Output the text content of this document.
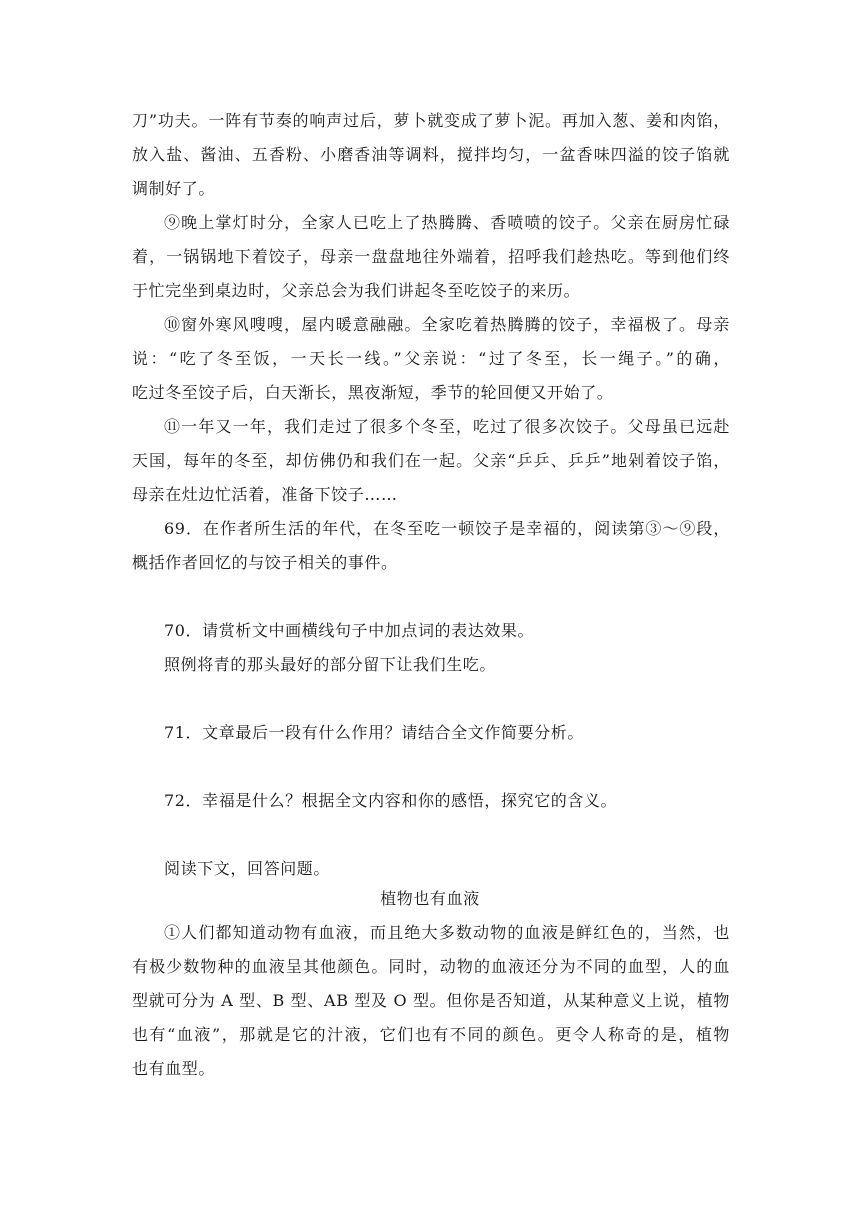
刀”功夫。一阵有节奏的响声过后，萝卜就变成了萝卜泥。再加入葱、姜和肉馅，
放入盐、酱油、五香粉、小磨香油等调料，搅拌均匀，一盆香味四溢的饺子馅就
调制好了。
⑨晚上掌灯时分，全家人已吃上了热腾腾、香喷喷的饺子。父亲在厨房忙碌
着，一锅锅地下着饺子，母亲一盘盘地往外端着，招呼我们趁热吃。等到他们终
于忙完坐到桌边时，父亲总会为我们讲起冬至吃饺子的来历。
⑩窗外寒风嗖嗖，屋内暖意融融。全家吃着热腾腾的饺子，幸福极了。母亲
说：“吃了冬至饭，一天长一线。”父亲说：“过了冬至，长一绳子。”的确，
吃过冬至饺子后，白天渐长，黑夜渐短，季节的轮回便又开始了。
⑪一年又一年，我们走过了很多个冬至，吃过了很多次饺子。父母虽已远赴
天国，每年的冬至，却仿佛仍和我们在一起。父亲“乒乒、乒乒”地剁着饺子馅，
母亲在灶边忙活着，准备下饺子……
69．在作者所生活的年代，在冬至吃一顿饺子是幸福的，阅读第③～⑨段，
概括作者回忆的与饺子相关的事件。
70．请赏析文中画横线句子中加点词的表达效果。
照例将青的那头最好的部分留下让我们生吃。
71．文章最后一段有什么作用？请结合全文作简要分析。
72．幸福是什么？根据全文内容和你的感悟，探究它的含义。
阅读下文，回答问题。
植物也有血液
①人们都知道动物有血液，而且绝大多数动物的血液是鲜红色的，当然，也
有极少数物种的血液呈其他颜色。同时，动物的血液还分为不同的血型，人的血
型就可分为 A 型、B 型、AB 型及 O 型。但你是否知道，从某种意义上说，植物
也有“血液”，那就是它的汁液，它们也有不同的颜色。更令人称奇的是，植物
也有血型。
